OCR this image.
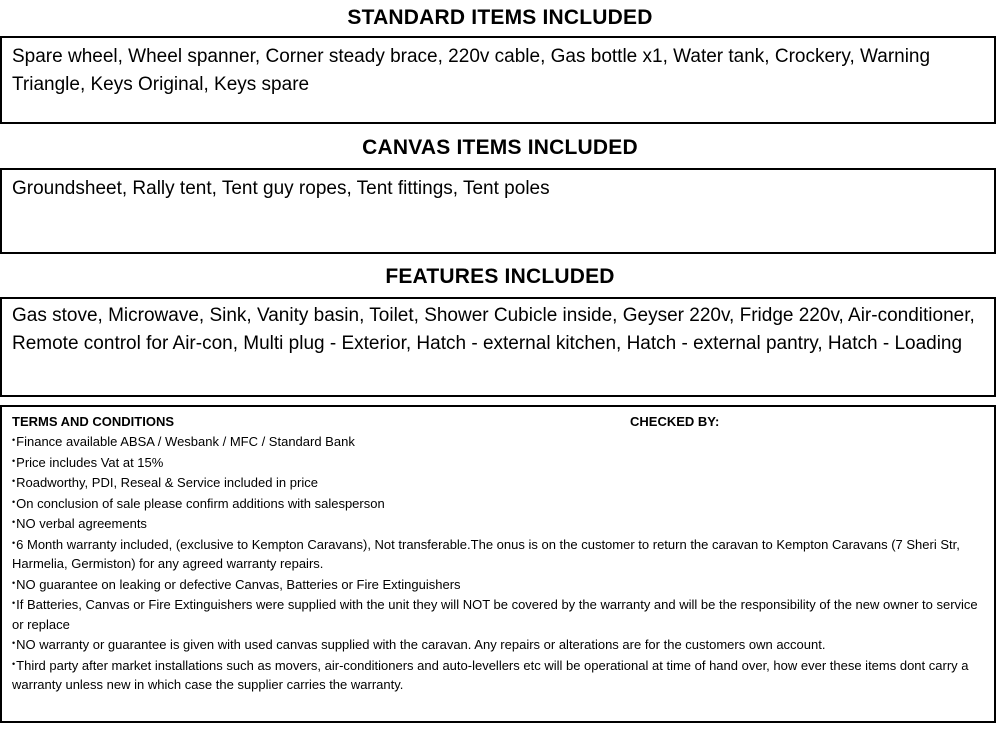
STANDARD ITEMS INCLUDED

Spare wheel, Wheel spanner, Corner steady brace, 220v cable, Gas bottle x1, Water tank, Crockery, Warning Triangle, Keys Original, Keys spare

CANVAS ITEMS INCLUDED

Groundsheet, Rally tent, Tent guy ropes, Tent fittings, Tent poles

FEATURES INCLUDED

Gas stove, Microwave, Sink, Vanity basin, Toilet, Shower Cubicle inside, Geyser 220v, Fridge 220v, Air-conditioner, Remote control for Air-con, Multi plug - Exterior, Hatch - external kitchen, Hatch - external pantry, Hatch - Loading

TERMS AND CONDITIONS	CHECKED BY:
•Finance available ABSA / Wesbank / MFC / Standard Bank
•Price includes Vat at 15%
•Roadworthy, PDI, Reseal & Service included in price
•On conclusion of sale please confirm additions with salesperson
•NO verbal agreements
•6 Month warranty included, (exclusive to Kempton Caravans), Not transferable.The onus is on the customer to return the caravan to Kempton Caravans (7 Sheri Str, Harmelia, Germiston) for any agreed warranty repairs.
•NO guarantee on leaking or defective Canvas, Batteries or Fire Extinguishers
•If Batteries, Canvas or Fire Extinguishers were supplied with the unit they will NOT be covered by the warranty and will be the responsibility of the new owner to service or replace
•NO warranty or guarantee is given with used canvas supplied with the caravan. Any repairs or alterations are for the customers own account.
•Third party after market installations such as movers, air-conditioners and auto-levellers etc will be operational at time of hand over, how ever these items dont carry a warranty unless new in which case the supplier carries the warranty.
